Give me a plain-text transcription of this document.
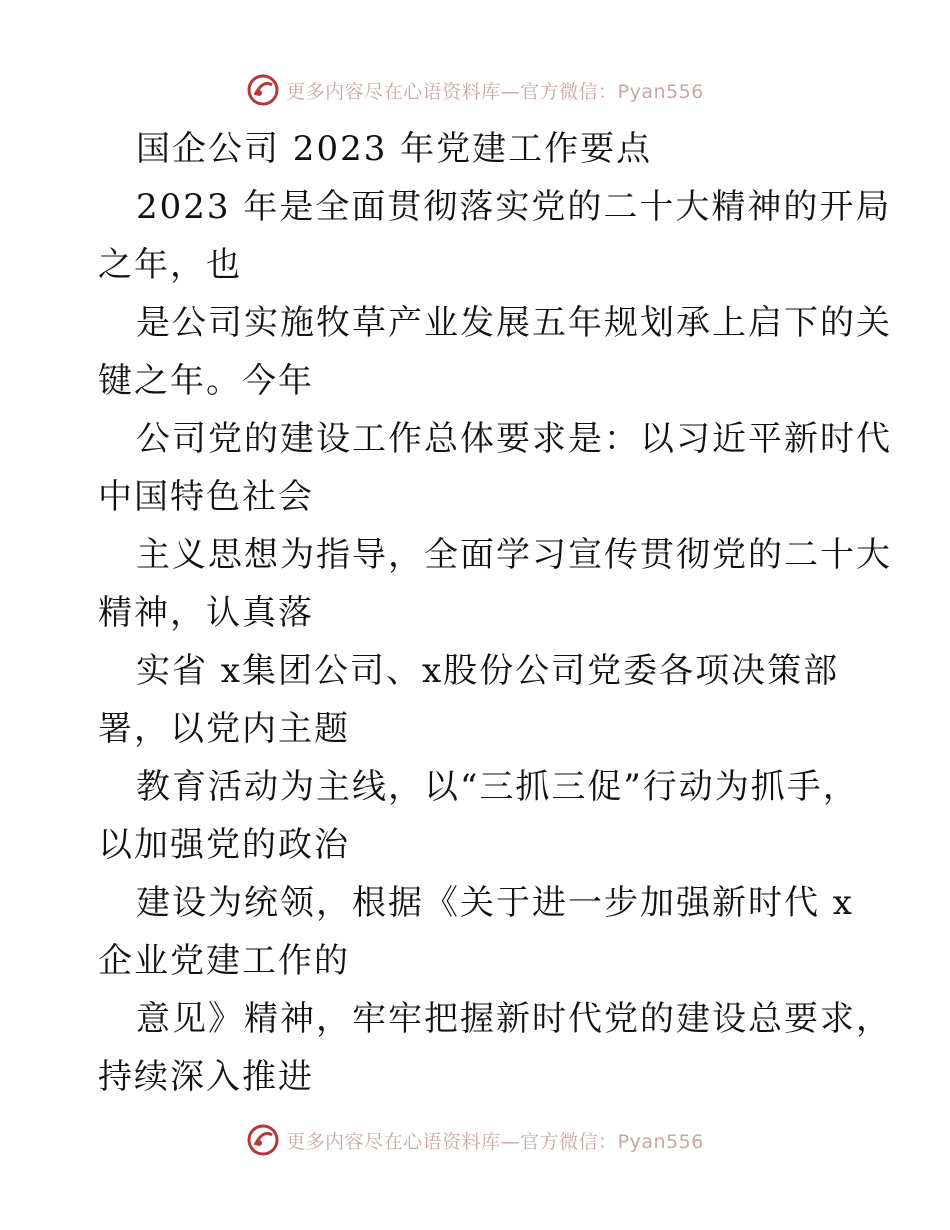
更多内容尽在心语资料库—官方微信：Pyan556
国企公司 2023 年党建工作要点
2023 年是全面贯彻落实党的二十大精神的开局
之年，也
是公司实施牧草产业发展五年规划承上启下的关
键之年。今年
公司党的建设工作总体要求是：以习近平新时代
中国特色社会
主义思想为指导，全面学习宣传贯彻党的二十大
精神，认真落
实省 x集团公司、x股份公司党委各项决策部
署，以党内主题
教育活动为主线，以“三抓三促”行动为抓手，
以加强党的政治
建设为统领，根据《关于进一步加强新时代 x
企业党建工作的
意见》精神，牢牢把握新时代党的建设总要求，
持续深入推进
更多内容尽在心语资料库—官方微信：Pyan556
